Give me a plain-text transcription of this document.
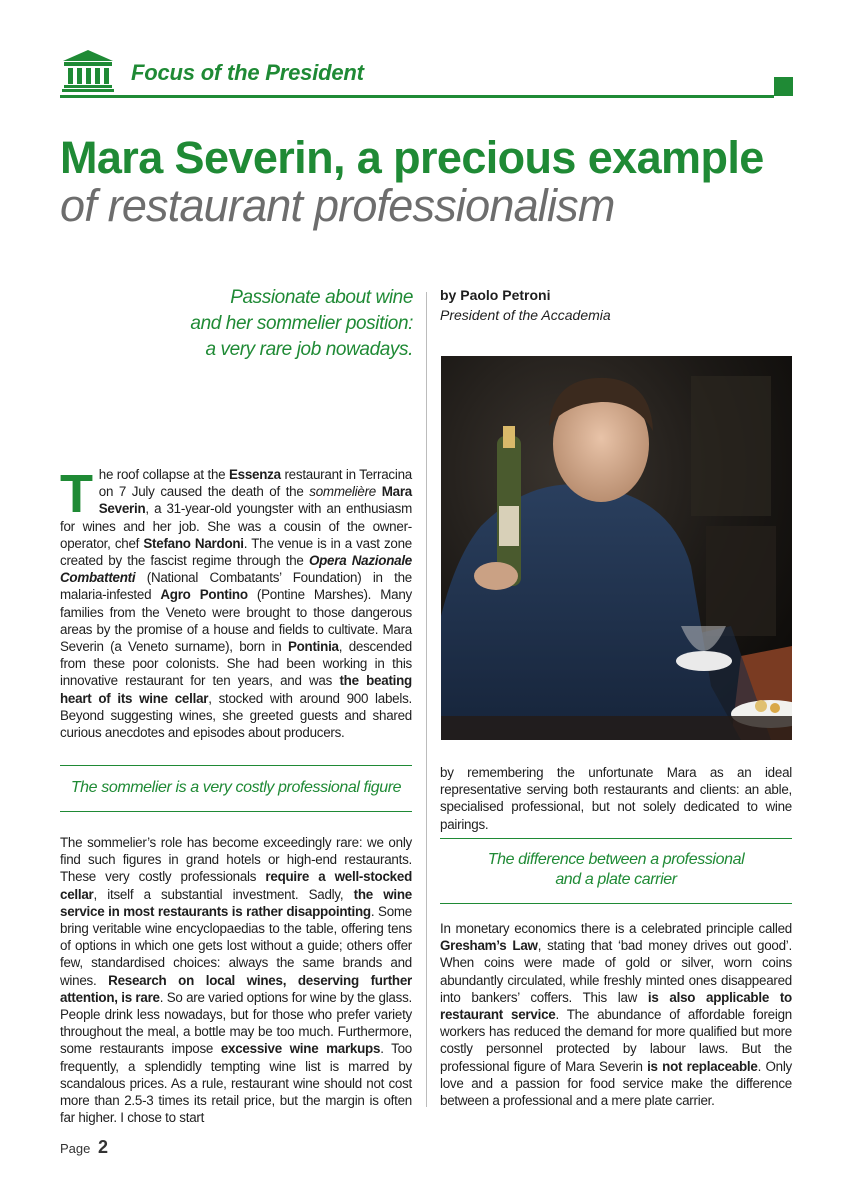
Focus of the President
Mara Severin, a precious example
of restaurant professionalism
Passionate about wine
and her sommelier position:
a very rare job nowadays.
by Paolo Petroni
President of the Accademia
T he roof collapse at the Essenza restaurant in Terracina on 7 July caused the death of the sommelière Mara Severin, a 31-year-old youngster with an enthusiasm for wines and her job. She was a cousin of the owner-operator, chef Stefano Nardoni. The venue is in a vast zone created by the fascist regime through the Opera Nazionale Combattenti (National Combatants’ Foundation) in the malaria-infested Agro Pontino (Pontine Marshes). Many families from the Veneto were brought to those dangerous areas by the promise of a house and fields to cultivate. Mara Severin (a Veneto surname), born in Pontinia, descended from these poor colonists. She had been working in this innovative restaurant for ten years, and was the beating heart of its wine cellar, stocked with around 900 labels. Beyond suggesting wines, she greeted guests and shared curious anecdotes and episodes about producers.
The sommelier is a very costly professional figure
The sommelier’s role has become exceedingly rare: we only find such figures in grand hotels or high-end restaurants. These very costly professionals require a well-stocked cellar, itself a substantial investment. Sadly, the wine service in most restaurants is rather disappointing. Some bring veritable wine encyclopaedias to the table, offering tens of options in which one gets lost without a guide; others offer few, standardised choices: always the same brands and wines. Research on local wines, deserving further attention, is rare. So are varied options for wine by the glass. People drink less nowadays, but for those who prefer variety throughout the meal, a bottle may be too much. Furthermore, some restaurants impose excessive wine markups. Too frequently, a splendidly tempting wine list is marred by scandalous prices. As a rule, restaurant wine should not cost more than 2.5-3 times its retail price, but the margin is often far higher. I chose to start
by remembering the unfortunate Mara as an ideal representative serving both restaurants and clients: an able, specialised professional, but not solely dedicated to wine pairings.
The difference between a professional
and a plate carrier
In monetary economics there is a celebrated principle called Gresham’s Law, stating that ‘bad money drives out good’. When coins were made of gold or silver, worn coins abundantly circulated, while freshly minted ones disappeared into bankers’ coffers. This law is also applicable to restaurant service. The abundance of affordable foreign workers has reduced the demand for more qualified but more costly personnel protected by labour laws. But the professional figure of Mara Severin is not replaceable. Only love and a passion for food service make the difference between a professional and a mere plate carrier.
Page 2
